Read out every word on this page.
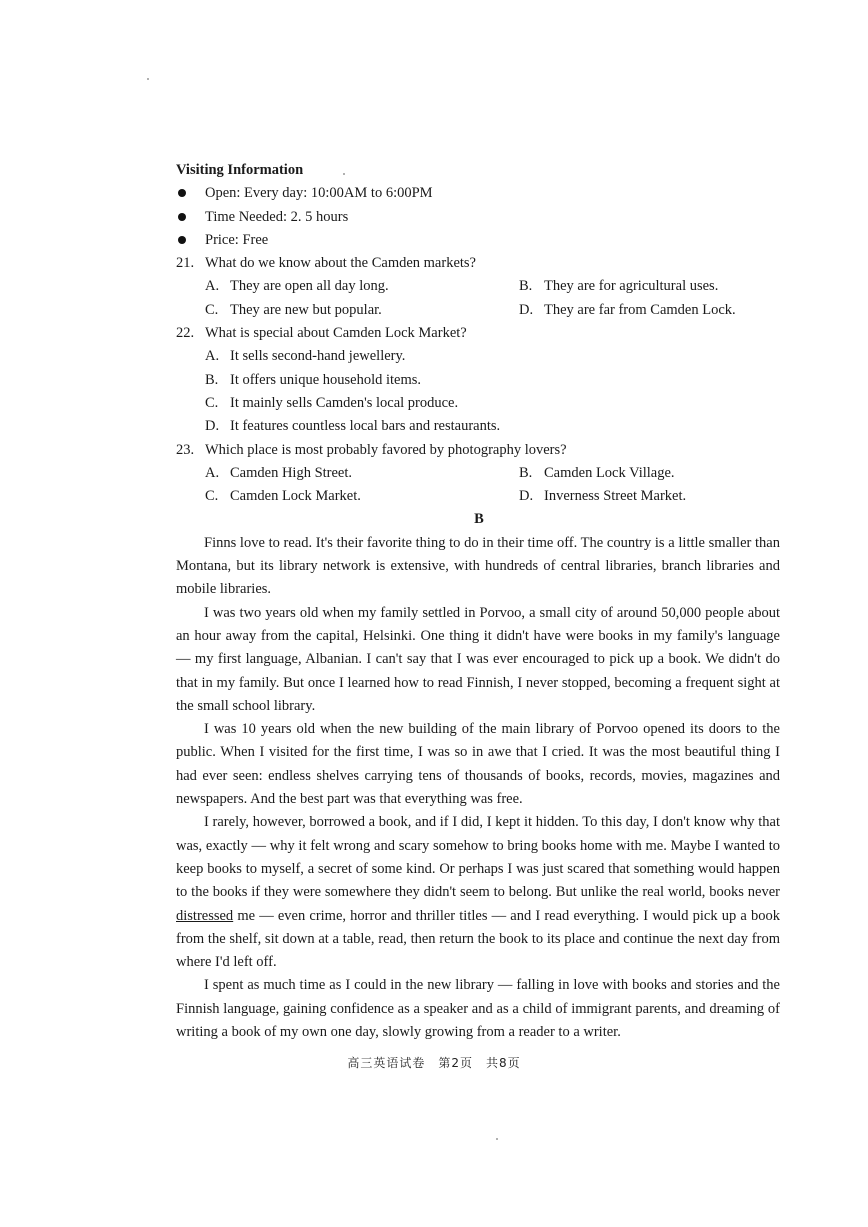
Visiting Information
Open: Every day: 10:00AM to 6:00PM
Time Needed: 2. 5 hours
Price: Free
21. What do we know about the Camden markets?
A. They are open all day long.	B. They are for agricultural uses.
C. They are new but popular.	D. They are far from Camden Lock.
22. What is special about Camden Lock Market?
A. It sells second-hand jewellery.
B. It offers unique household items.
C. It mainly sells Camden's local produce.
D. It features countless local bars and restaurants.
23. Which place is most probably favored by photography lovers?
A. Camden High Street.	B. Camden Lock Village.
C. Camden Lock Market.	D. Inverness Street Market.
B

Finns love to read. It's their favorite thing to do in their time off. The country is a little smaller than Montana, but its library network is extensive, with hundreds of central libraries, branch libraries and mobile libraries.

I was two years old when my family settled in Porvoo, a small city of around 50,000 people about an hour away from the capital, Helsinki. One thing it didn't have were books in my family's language — my first language, Albanian. I can't say that I was ever encouraged to pick up a book. We didn't do that in my family. But once I learned how to read Finnish, I never stopped, becoming a frequent sight at the small school library.

I was 10 years old when the new building of the main library of Porvoo opened its doors to the public. When I visited for the first time, I was so in awe that I cried. It was the most beautiful thing I had ever seen: endless shelves carrying tens of thousands of books, records, movies, magazines and newspapers. And the best part was that everything was free.

I rarely, however, borrowed a book, and if I did, I kept it hidden. To this day, I don't know why that was, exactly — why it felt wrong and scary somehow to bring books home with me. Maybe I wanted to keep books to myself, a secret of some kind. Or perhaps I was just scared that something would happen to the books if they were somewhere they didn't seem to belong. But unlike the real world, books never distressed me — even crime, horror and thriller titles — and I read everything. I would pick up a book from the shelf, sit down at a table, read, then return the book to its place and continue the next day from where I'd left off.

I spent as much time as I could in the new library — falling in love with books and stories and the Finnish language, gaining confidence as a speaker and as a child of immigrant parents, and dreaming of writing a book of my own one day, slowly growing from a reader to a writer.

高三英语试卷　第2页　共8页
